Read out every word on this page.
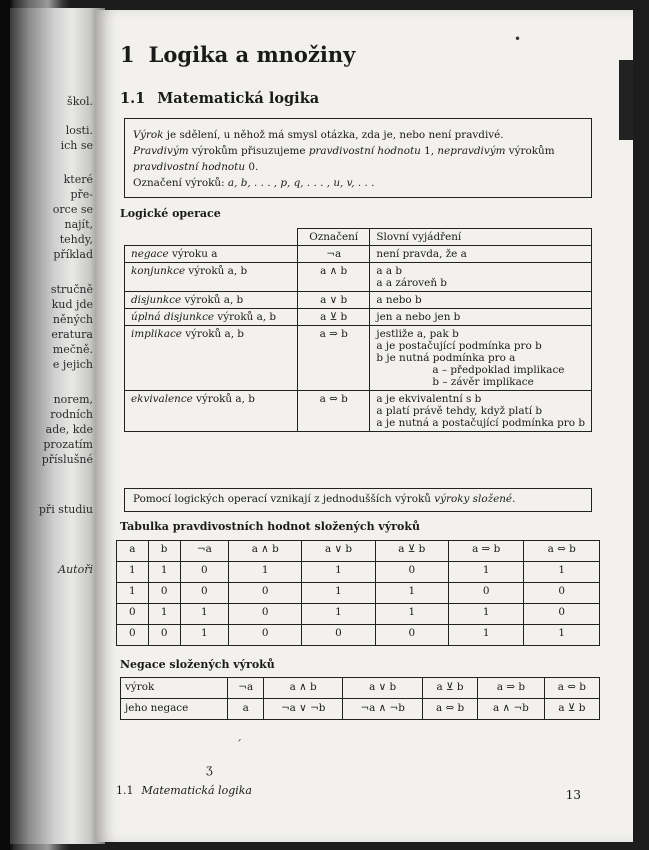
škol.
losti.
ich se
které
pře-
orce se
najít,
tehdy,
příklad
stručně
kud jde
něných
eratura
mečně.
e jejich
norem,
rodních
ade, kde
prozatím
příslušné
při studiu
Autoři
•
1 Logika a množiny
1.1 Matematická logika

Výrok je sdělení, u něhož má smysl otázka, zda je, nebo není pravdivé.

Pravdivým výrokům přisuzujeme pravdivostní hodnotu 1, nepravdivým výrokům pravdivostní hodnotu 0.

Označení výroků: a, b, . . . , p, q, . . . , u, v, . . .

Logické operace
	Označení	Slovní vyjádření
negace výroku a	¬a	není pravda, že a

konjunkce výroků a, b	a ∧ b	a a b
a a zároveň b

disjunkce výroků a, b	a ∨ b	a nebo b

úplná disjunkce výroků a, b	a ⊻ b	jen a nebo jen b

implikace výroků a, b	a ⇒ b	jestliže a, pak b
a je postačující podmínka pro b
b je nutná podmínka pro a
a – předpoklad implikace
b – závěr implikace

ekvivalence výroků a, b	a ⇔ b	a je ekvivalentní s b
a platí právě tehdy, když platí b
a je nutná a postačující podmínka pro b
Pomocí logických operací vznikají z jednodušších výroků výroky složené.
Tabulka pravdivostních hodnot složených výroků
a	b	¬a	a ∧ b	a ∨ b	a ⊻ b	a ⇒ b	a ⇔ b
1	1	0	1	1	0	1	1
1	0	0	0	1	1	0	0
0	1	1	0	1	1	1	0
0	0	1	0	0	0	1	1
Negace složených výroků
výrok	¬a	a ∧ b	a ∨ b	a ⊻ b	a ⇒ b	a ⇔ b
jeho negace	a	¬a ∨ ¬b	¬a ∧ ¬b	a ⇔ b	a ∧ ¬b	a ⊻ b
ˊ
ʒ
1.1 Matematická logika	13
